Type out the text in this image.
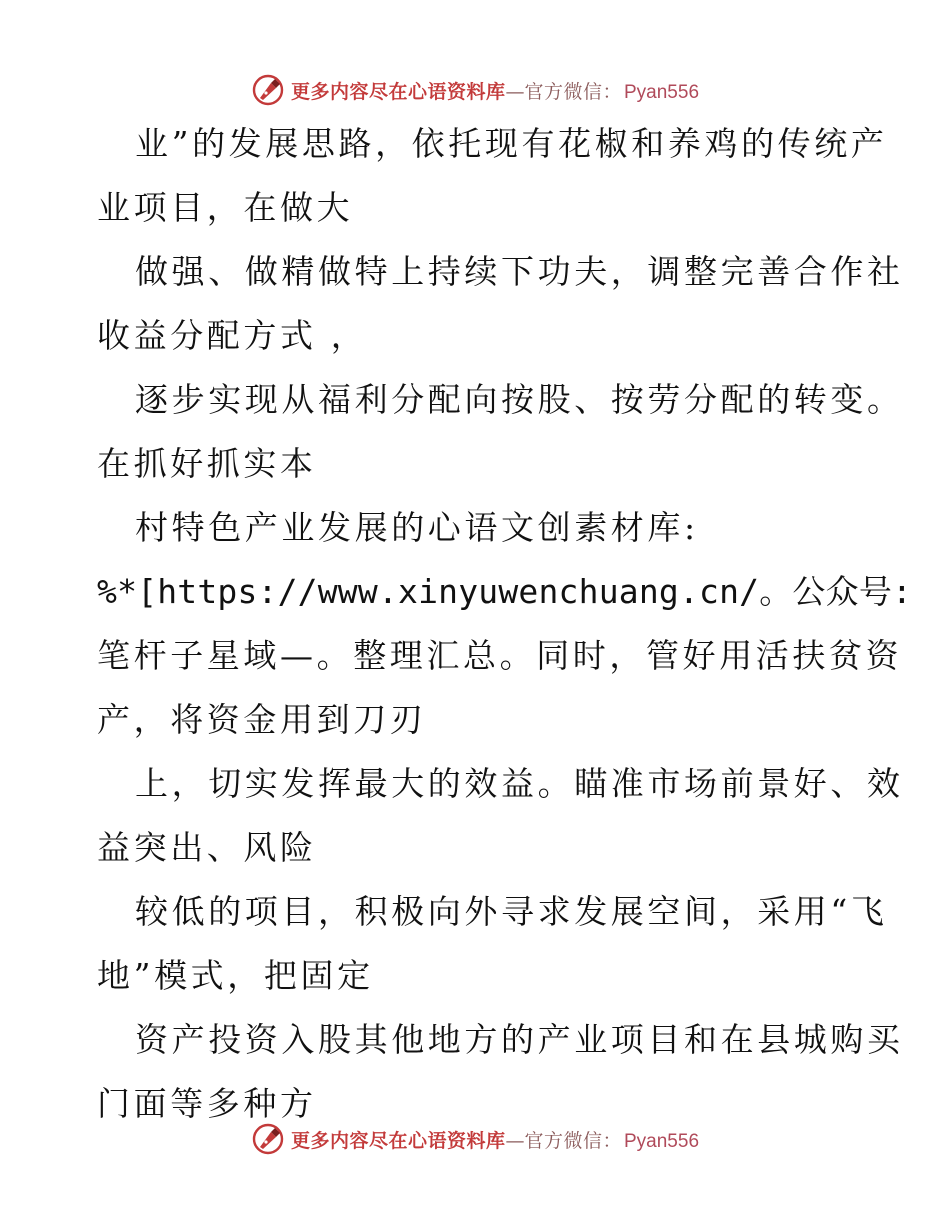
更多内容尽在心语资料库 — 官方微信： Pyan556
业”的发展思路，依托现有花椒和养鸡的传统产
业项目，在做大
做强、做精做特上持续下功夫，调整完善合作社
收益分配方式 ，
逐步实现从福利分配向按股、按劳分配的转变。
在抓好抓实本
村特色产业发展的心语文创素材库:
%*[https://www.xinyuwenchuang.cn/。公众号:
笔杆子星域—。整理汇总。同时，管好用活扶贫资
产，将资金用到刀刃
上，切实发挥最大的效益。瞄准市场前景好、效
益突出、风险
较低的项目，积极向外寻求发展空间，采用“飞
地”模式，把固定
资产投资入股其他地方的产业项目和在县城购买
门面等多种方
更多内容尽在心语资料库 — 官方微信： Pyan556
